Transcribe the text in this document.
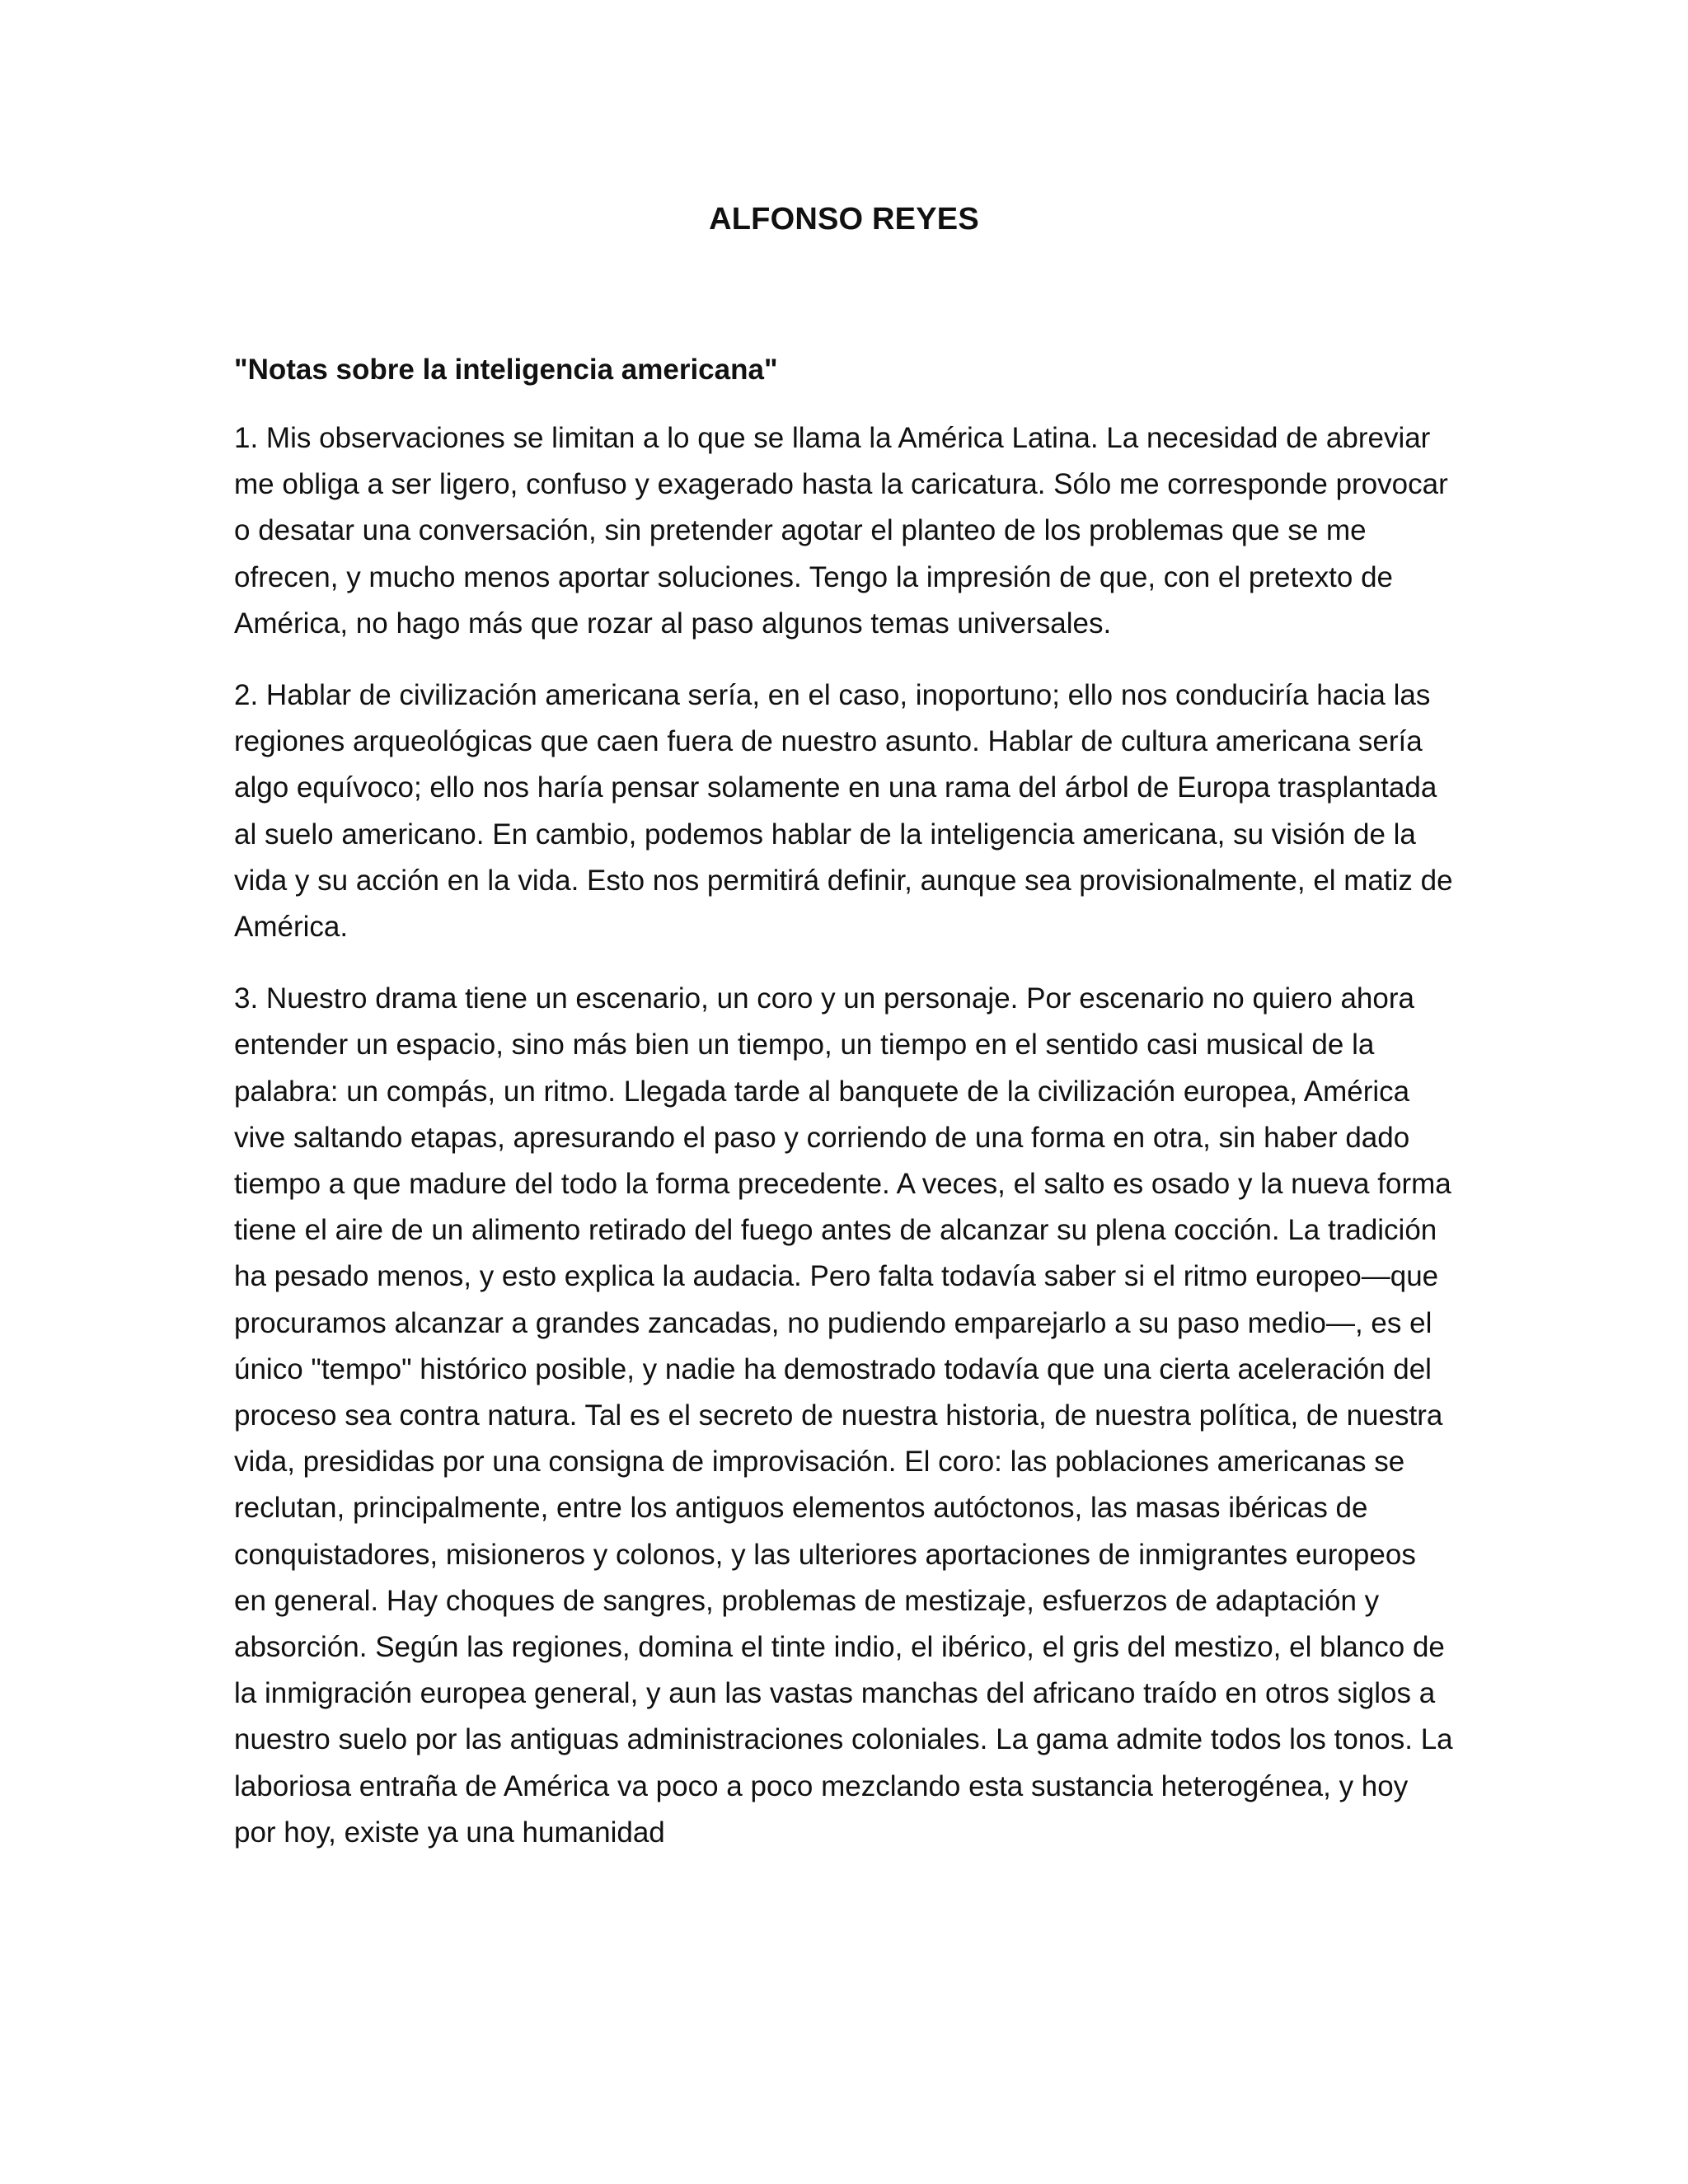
ALFONSO REYES

"Notas sobre la inteligencia americana"

1. Mis observaciones se limitan a lo que se llama la América Latina. La necesidad de abreviar me obliga a ser ligero, confuso y exagerado hasta la caricatura. Sólo me corresponde provocar o desatar una conversación, sin pretender agotar el planteo de los problemas que se me ofrecen, y mucho menos aportar soluciones. Tengo la impresión de que, con el pretexto de América, no hago más que rozar al paso algunos temas universales.

2. Hablar de civilización americana sería, en el caso, inoportuno; ello nos conduciría hacia las regiones arqueológicas que caen fuera de nuestro asunto. Hablar de cultura americana sería algo equívoco; ello nos haría pensar solamente en una rama del árbol de Europa trasplantada al suelo americano. En cambio, podemos hablar de la inteligencia americana, su visión de la vida y su acción en la vida. Esto nos permitirá definir, aunque sea provisionalmente, el matiz de América.

3. Nuestro drama tiene un escenario, un coro y un personaje. Por escenario no quiero ahora entender un espacio, sino más bien un tiempo, un tiempo en el sentido casi musical de la palabra: un compás, un ritmo. Llegada tarde al banquete de la civilización europea, América vive saltando etapas, apresurando el paso y corriendo de una forma en otra, sin haber dado tiempo a que madure del todo la forma precedente. A veces, el salto es osado y la nueva forma tiene el aire de un alimento retirado del fuego antes de alcanzar su plena cocción. La tradición ha pesado menos, y esto explica la audacia. Pero falta todavía saber si el ritmo europeo—que procuramos alcanzar a grandes zancadas, no pudiendo emparejarlo a su paso medio—, es el único "tempo" histórico posible, y nadie ha demostrado todavía que una cierta aceleración del proceso sea contra natura. Tal es el secreto de nuestra historia, de nuestra política, de nuestra vida, presididas por una consigna de improvisación. El coro: las poblaciones americanas se reclutan, principalmente, entre los antiguos elementos autóctonos, las masas ibéricas de conquistadores, misioneros y colonos, y las ulteriores aportaciones de inmigrantes europeos en general. Hay choques de sangres, problemas de mestizaje, esfuerzos de adaptación y absorción. Según las regiones, domina el tinte indio, el ibérico, el gris del mestizo, el blanco de la inmigración europea general, y aun las vastas manchas del africano traído en otros siglos a nuestro suelo por las antiguas administraciones coloniales. La gama admite todos los tonos. La laboriosa entraña de América va poco a poco mezclando esta sustancia heterogénea, y hoy por hoy, existe ya una humanidad
